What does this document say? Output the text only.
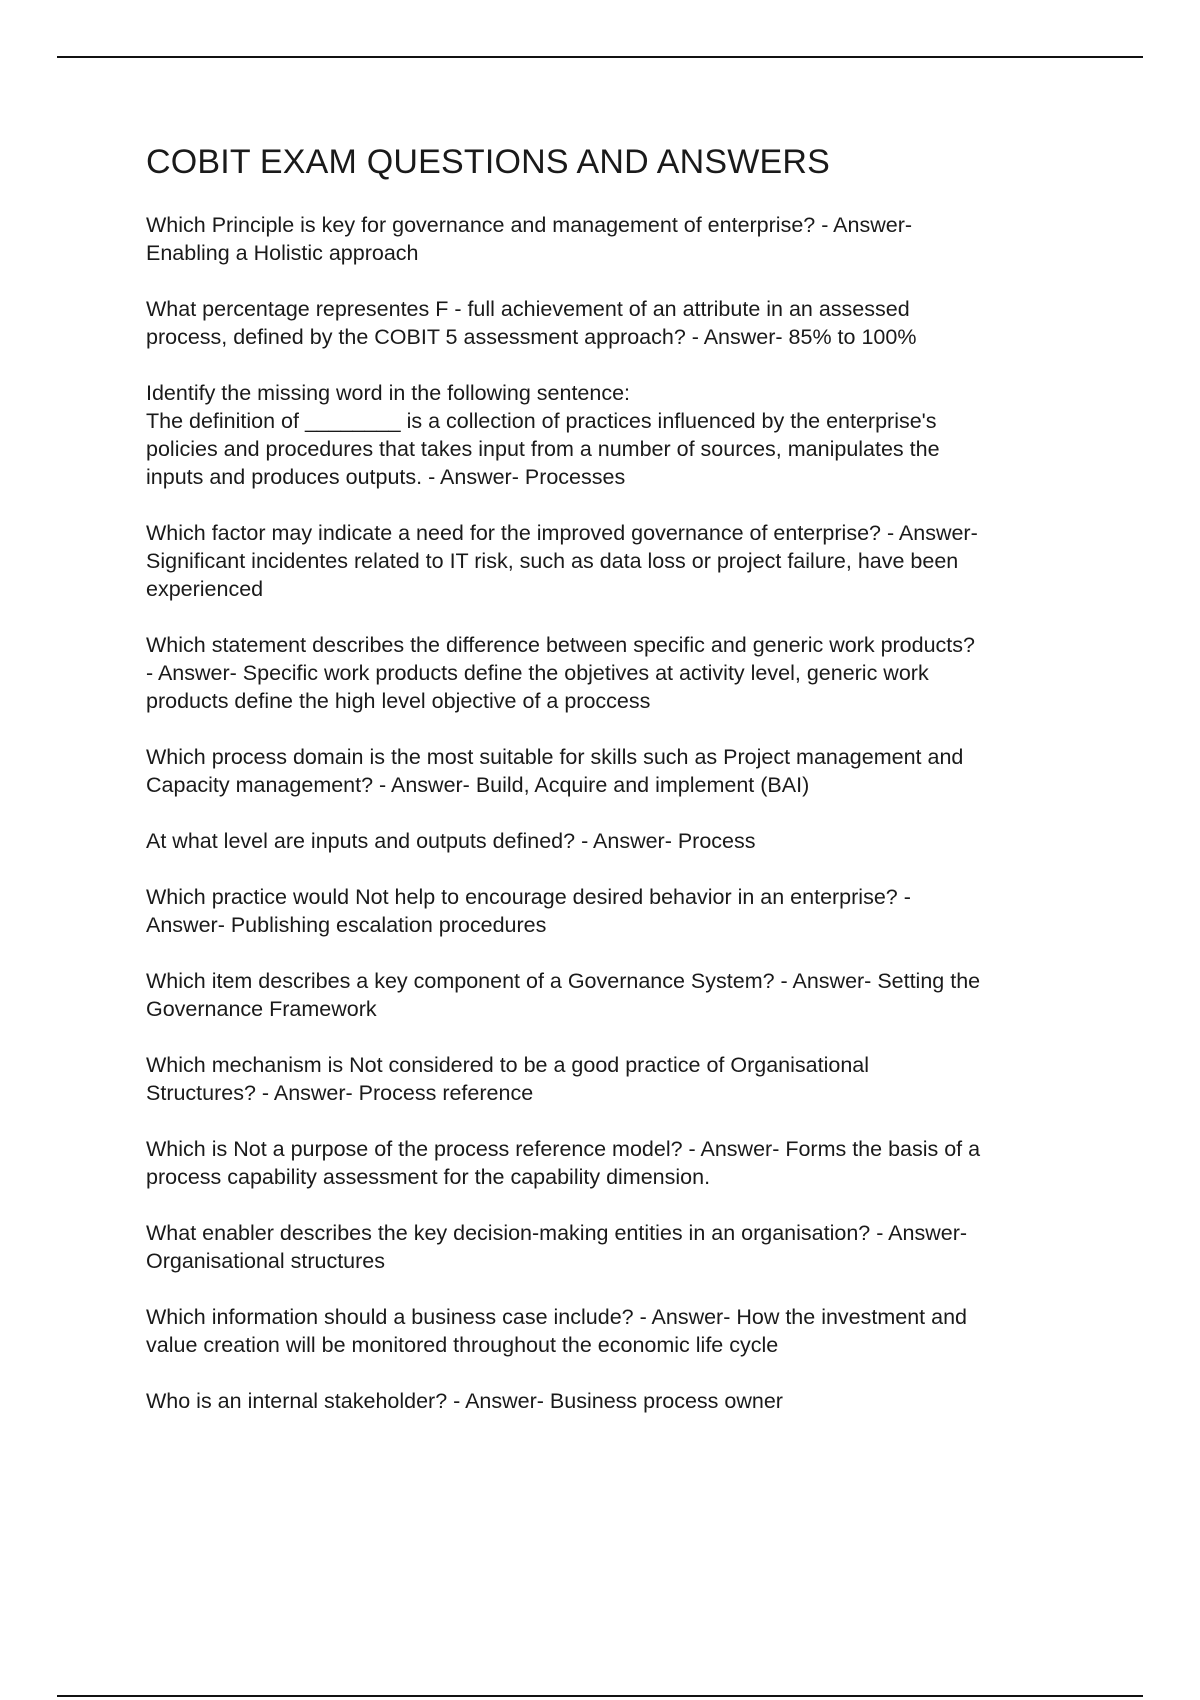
COBIT EXAM QUESTIONS AND ANSWERS

Which Principle is key for governance and management of enterprise? - Answer-
Enabling a Holistic approach

What percentage representes F - full achievement of an attribute in an assessed
process, defined by the COBIT 5 assessment approach? - Answer- 85% to 100%

Identify the missing word in the following sentence:
The definition of ________ is a collection of practices influenced by the enterprise's
policies and procedures that takes input from a number of sources, manipulates the
inputs and produces outputs. - Answer- Processes

Which factor may indicate a need for the improved governance of enterprise? - Answer-
Significant incidentes related to IT risk, such as data loss or project failure, have been
experienced

Which statement describes the difference between specific and generic work products?
- Answer- Specific work products define the objetives at activity level, generic work
products define the high level objective of a proccess

Which process domain is the most suitable for skills such as Project management and
Capacity management? - Answer- Build, Acquire and implement (BAI)

At what level are inputs and outputs defined? - Answer- Process

Which practice would Not help to encourage desired behavior in an enterprise? -
Answer- Publishing escalation procedures

Which item describes a key component of a Governance System? - Answer- Setting the
Governance Framework

Which mechanism is Not considered to be a good practice of Organisational
Structures? - Answer- Process reference

Which is Not a purpose of the process reference model? - Answer- Forms the basis of a
process capability assessment for the capability dimension.

What enabler describes the key decision-making entities in an organisation? - Answer-
Organisational structures

Which information should a business case include? - Answer- How the investment and
value creation will be monitored throughout the economic life cycle

Who is an internal stakeholder? - Answer- Business process owner
